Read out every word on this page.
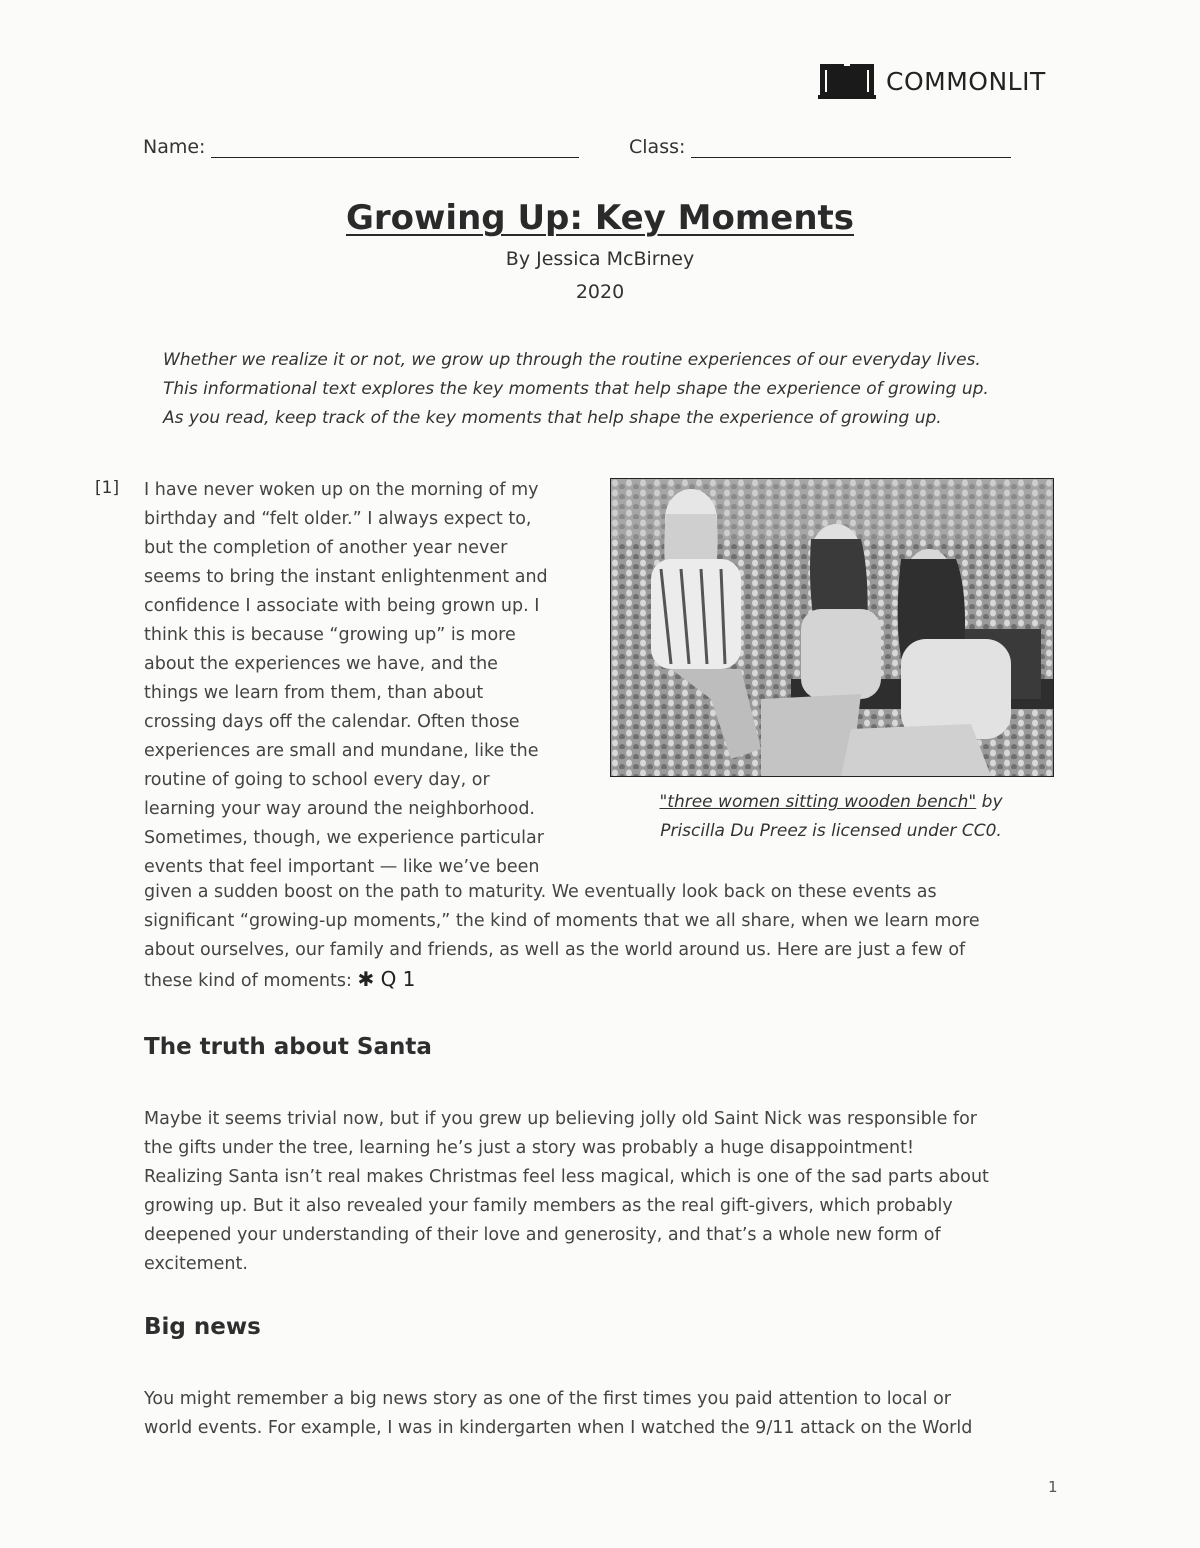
COMMONLIT
Name:	Class:
Growing Up: Key Moments
By Jessica McBirney
2020
Whether we realize it or not, we grow up through the routine experiences of our everyday lives.
This informational text explores the key moments that help shape the experience of growing up.
As you read, keep track of the key moments that help shape the experience of growing up.
[1] I have never woken up on the morning of my
birthday and “felt older.” I always expect to,
but the completion of another year never
seems to bring the instant enlightenment and
confidence I associate with being grown up. I
think this is because “growing up” is more
about the experiences we have, and the
things we learn from them, than about
crossing days off the calendar. Often those
experiences are small and mundane, like the
routine of going to school every day, or
learning your way around the neighborhood.
Sometimes, though, we experience particular
events that feel important — like we’ve been
given a sudden boost on the path to maturity. We eventually look back on these events as
significant “growing-up moments,” the kind of moments that we all share, when we learn more
about ourselves, our family and friends, as well as the world around us. Here are just a few of
these kind of moments: ✱ Q 1
"three women sitting wooden bench" by
Priscilla Du Preez is licensed under CC0.
The truth about Santa
Maybe it seems trivial now, but if you grew up believing jolly old Saint Nick was responsible for
the gifts under the tree, learning he’s just a story was probably a huge disappointment!
Realizing Santa isn’t real makes Christmas feel less magical, which is one of the sad parts about
growing up. But it also revealed your family members as the real gift-givers, which probably
deepened your understanding of their love and generosity, and that’s a whole new form of
excitement.
Big news
You might remember a big news story as one of the first times you paid attention to local or
world events. For example, I was in kindergarten when I watched the 9/11 attack on the World
1
